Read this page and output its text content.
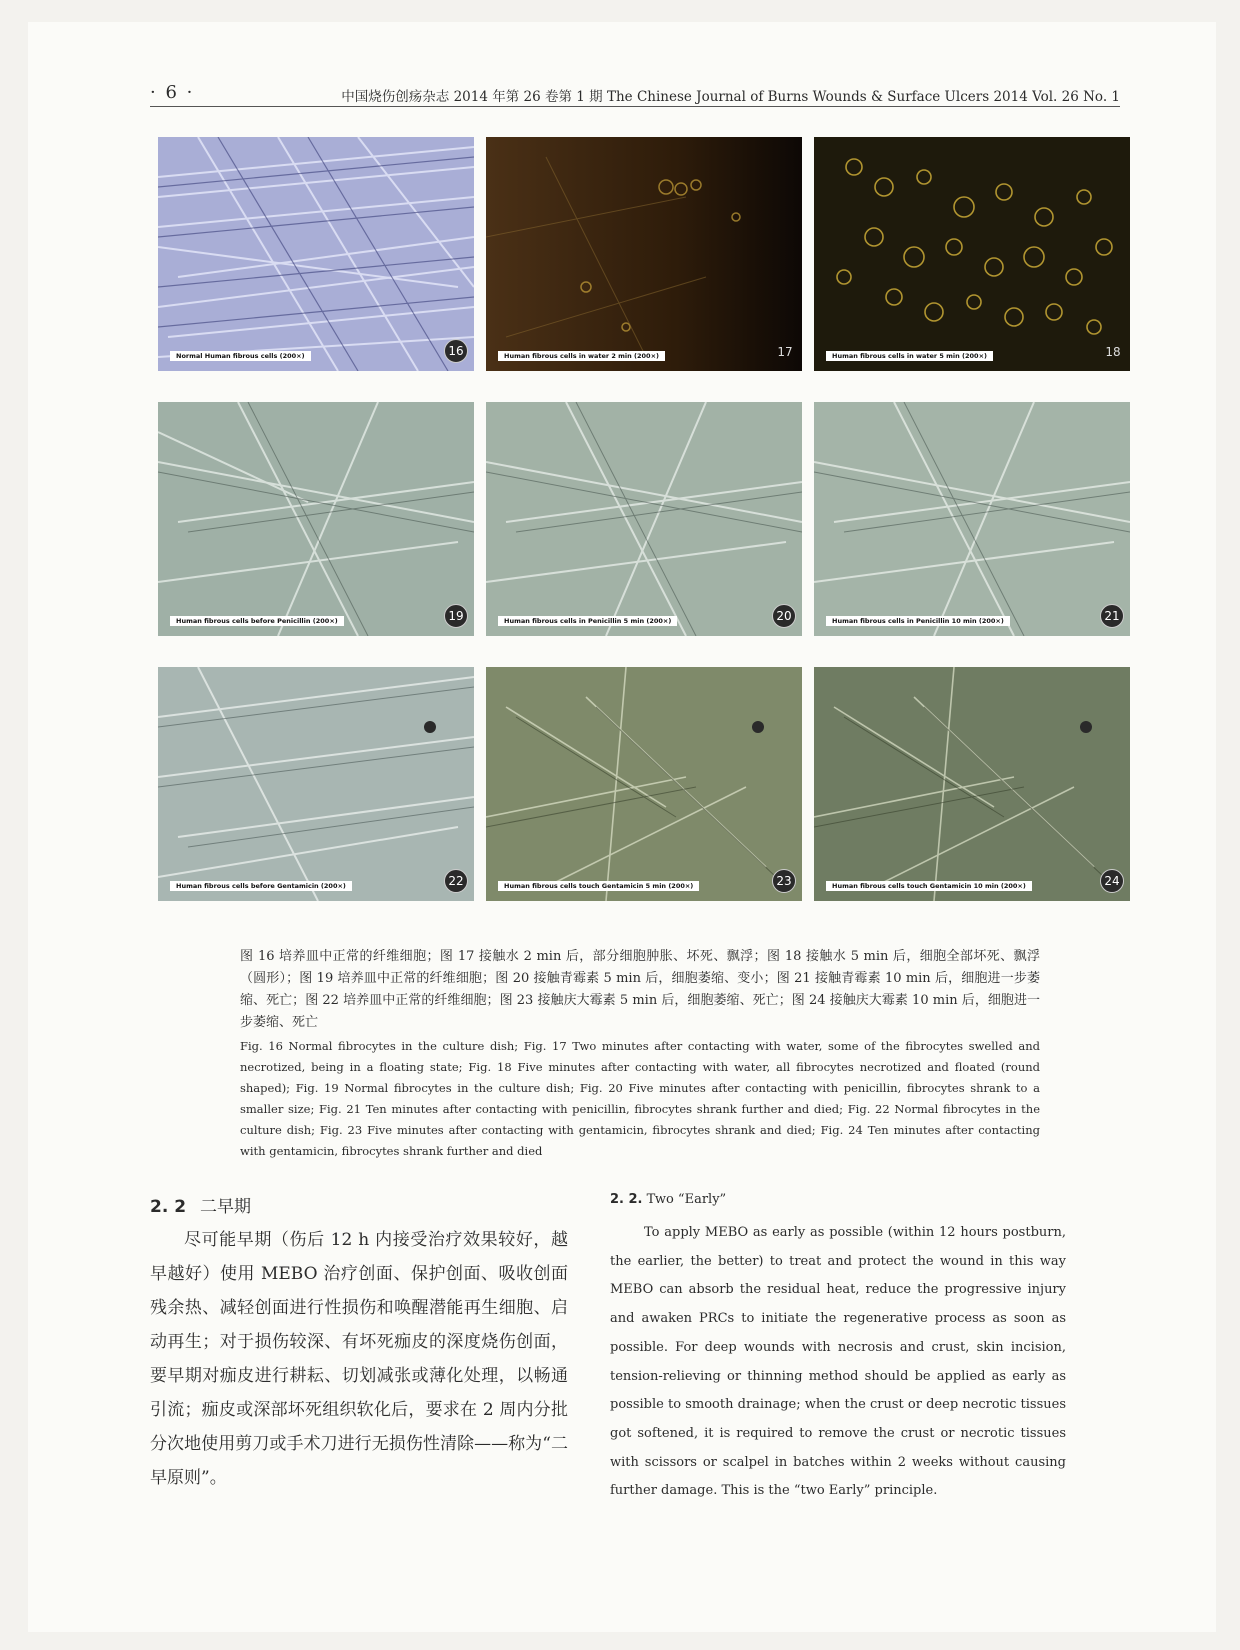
· 6 ·	中国烧伤创疡杂志 2014 年第 26 卷第 1 期 The Chinese Journal of Burns Wounds & Surface Ulcers 2014 Vol. 26 No. 1
Normal Human fibrous cells (200×)	16	Human fibrous cells in water 2 min (200×)	17	Human fibrous cells in water 5 min (200×)	18
Human fibrous cells before Penicillin (200×)	19	Human fibrous cells in Penicillin 5 min (200×)	20	Human fibrous cells in Penicillin 10 min (200×)	21
Human fibrous cells before Gentamicin (200×)	22	Human fibrous cells touch Gentamicin 5 min (200×)	23	Human fibrous cells touch Gentamicin 10 min (200×)	24
图 16 培养皿中正常的纤维细胞；图 17 接触水 2 min 后，部分细胞肿胀、坏死、飘浮；图 18 接触水 5 min 后，细胞全部坏死、飘浮（圆形）；图 19 培养皿中正常的纤维细胞；图 20 接触青霉素 5 min 后，细胞萎缩、变小；图 21 接触青霉素 10 min 后，细胞进一步萎缩、死亡；图 22 培养皿中正常的纤维细胞；图 23 接触庆大霉素 5 min 后，细胞萎缩、死亡；图 24 接触庆大霉素 10 min 后，细胞进一步萎缩、死亡
Fig. 16 Normal fibrocytes in the culture dish; Fig. 17 Two minutes after contacting with water, some of the fibrocytes swelled and necrotized, being in a floating state; Fig. 18 Five minutes after contacting with water, all fibrocytes necrotized and floated (round shaped); Fig. 19 Normal fibrocytes in the culture dish; Fig. 20 Five minutes after contacting with penicillin, fibrocytes shrank to a smaller size; Fig. 21 Ten minutes after contacting with penicillin, fibrocytes shrank further and died; Fig. 22 Normal fibrocytes in the culture dish; Fig. 23 Five minutes after contacting with gentamicin, fibrocytes shrank and died; Fig. 24 Ten minutes after contacting with gentamicin, fibrocytes shrank further and died
2. 2 二早期

尽可能早期（伤后 12 h 内接受治疗效果较好，越早越好）使用 MEBO 治疗创面、保护创面、吸收创面残余热、减轻创面进行性损伤和唤醒潜能再生细胞、启动再生；对于损伤较深、有坏死痂皮的深度烧伤创面，要早期对痂皮进行耕耘、切划减张或薄化处理，以畅通引流；痂皮或深部坏死组织软化后，要求在 2 周内分批分次地使用剪刀或手术刀进行无损伤性清除——称为“二早原则”。

2. 2. Two “Early”

To apply MEBO as early as possible (within 12 hours postburn, the earlier, the better) to treat and protect the wound in this way MEBO can absorb the residual heat, reduce the progressive injury and awaken PRCs to initiate the regenerative process as soon as possible. For deep wounds with necrosis and crust, skin incision, tension-relieving or thinning method should be applied as early as possible to smooth drainage; when the crust or deep necrotic tissues got softened, it is required to remove the crust or necrotic tissues with scissors or scalpel in batches within 2 weeks without causing further damage. This is the “two Early” principle.
